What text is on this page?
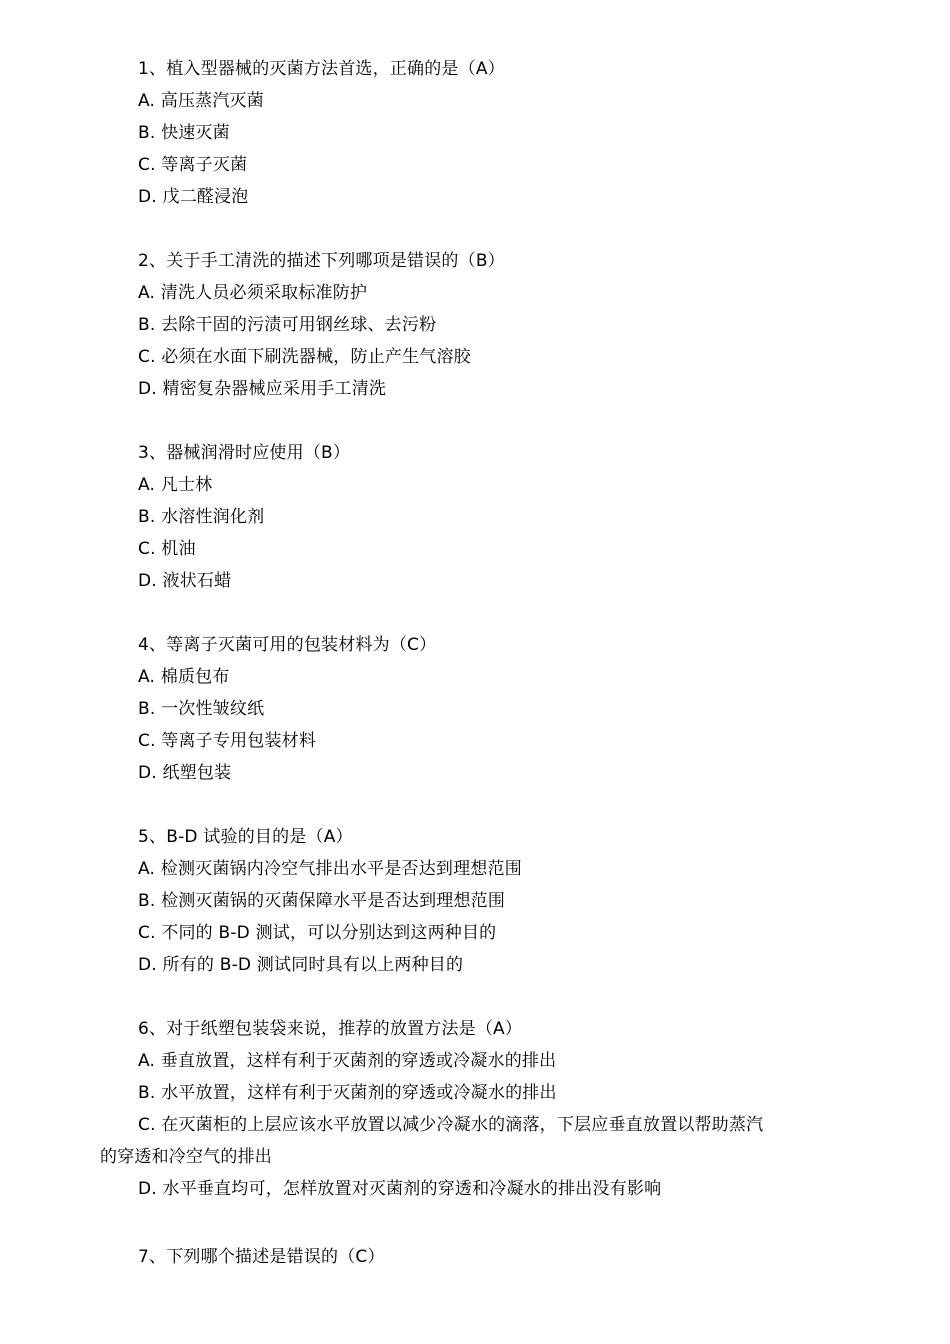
1、植入型器械的灭菌方法首选，正确的是（A）
A. 高压蒸汽灭菌
B. 快速灭菌
C. 等离子灭菌
D. 戊二醛浸泡
2、关于手工清洗的描述下列哪项是错误的（B）
A. 清洗人员必须采取标准防护
B. 去除干固的污渍可用钢丝球、去污粉
C. 必须在水面下刷洗器械，防止产生气溶胶
D. 精密复杂器械应采用手工清洗
3、器械润滑时应使用（B）
A. 凡士林
B. 水溶性润化剂
C. 机油
D. 液状石蜡
4、等离子灭菌可用的包装材料为（C）
A. 棉质包布
B. 一次性皱纹纸
C. 等离子专用包装材料
D. 纸塑包装
5、B-D 试验的目的是（A）
A. 检测灭菌锅内冷空气排出水平是否达到理想范围
B. 检测灭菌锅的灭菌保障水平是否达到理想范围
C. 不同的 B-D 测试，可以分别达到这两种目的
D. 所有的 B-D 测试同时具有以上两种目的
6、对于纸塑包装袋来说，推荐的放置方法是（A）
A. 垂直放置，这样有利于灭菌剂的穿透或冷凝水的排出
B. 水平放置，这样有利于灭菌剂的穿透或冷凝水的排出
C. 在灭菌柜的上层应该水平放置以减少冷凝水的滴落，下层应垂直放置以帮助蒸汽
的穿透和冷空气的排出
D. 水平垂直均可，怎样放置对灭菌剂的穿透和冷凝水的排出没有影响
7、下列哪个描述是错误的（C）
